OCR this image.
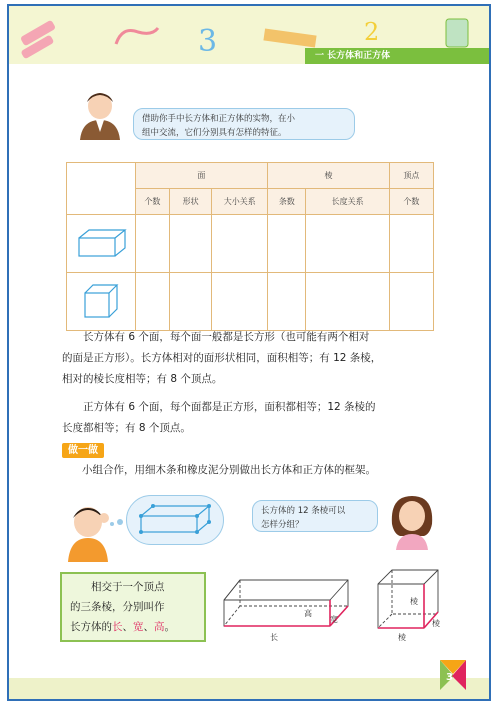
3	2
一 长方体和正方体
借助你手中长方体和正方体的实物，在小
组中交流，它们分别具有怎样的特征。
	面			棱		顶点
	个数	形状	大小关系	条数	长度关系	个数

长方体有 6 个面，每个面一般都是长方形（也可能有两个相对
的面是正方形）。长方体相对的面形状相同，面积相等；有 12 条棱，
相对的棱长度相等；有 8 个顶点。
正方体有 6 个面，每个面都是正方形，面积都相等；12 条棱的
长度都相等；有 8 个顶点。
做一做
小组合作，用细木条和橡皮泥分别做出长方体和正方体的框架。
长方体的 12 条棱可以
怎样分组？
相交于一个顶点
的三条棱，分别叫作
长方体的长、宽、高。
高
宽
长
棱
棱
棱
3
